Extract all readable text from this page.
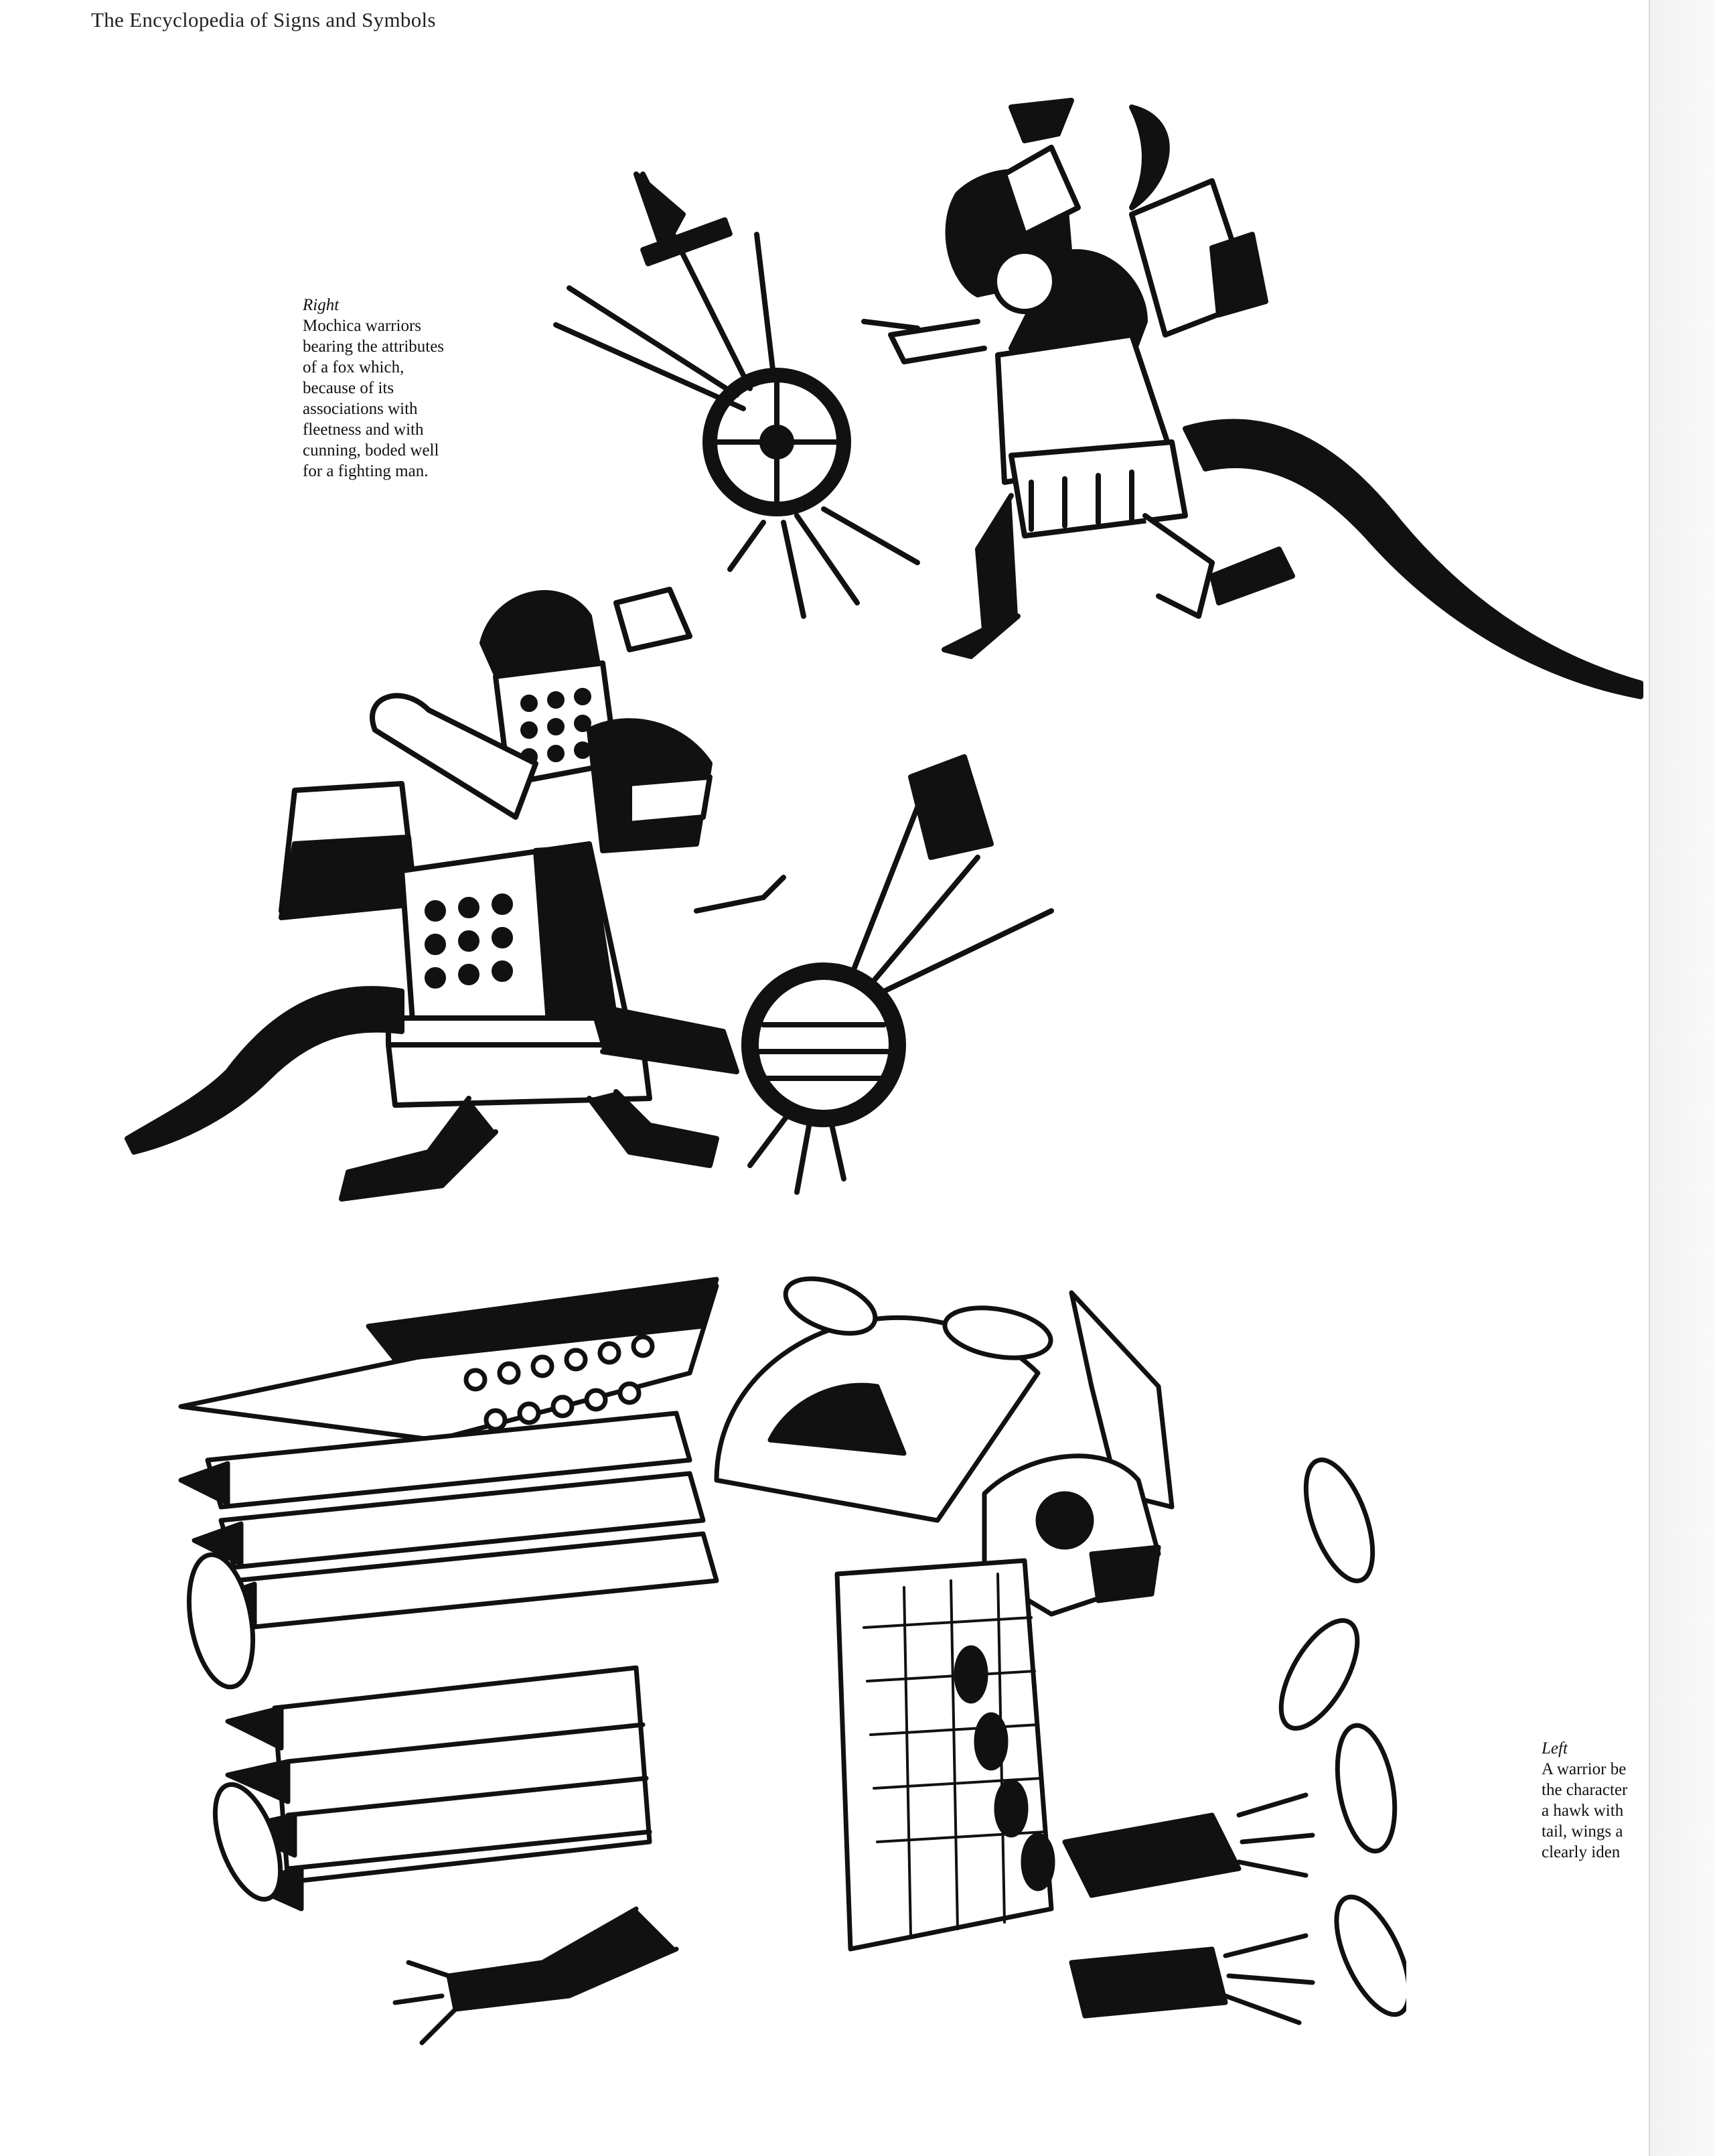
The Encyclopedia of Signs and Symbols
Right
Mochica warriors
bearing the attributes
of a fox which,
because of its
associations with
fleetness and with
cunning, boded well
for a fighting man.
Left
A warrior be
the character
a hawk with
tail, wings a
clearly iden
